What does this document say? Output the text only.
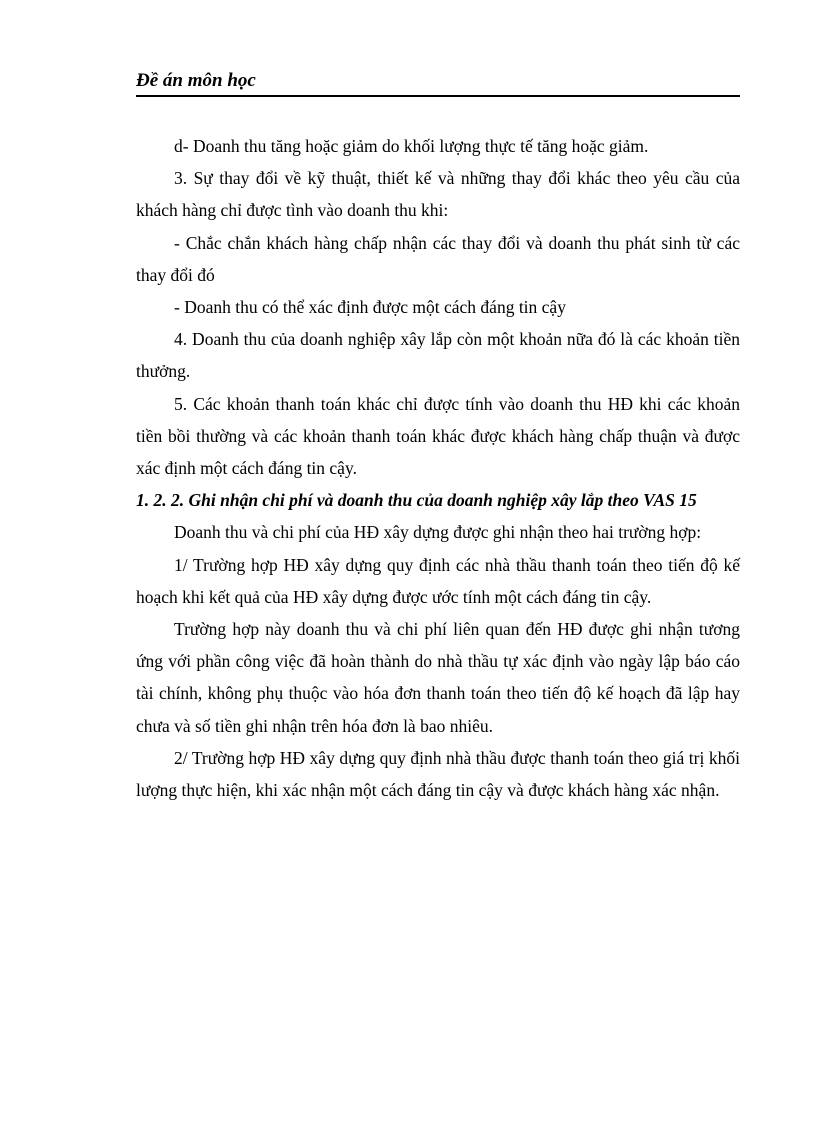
Đề án môn học

d- Doanh thu tăng hoặc giảm do khối lượng thực tế tăng hoặc giảm.

3. Sự thay đổi về kỹ thuật, thiết kế và những thay đổi khác theo yêu cầu của khách hàng chỉ được tình vào doanh thu khi:

- Chắc chắn khách hàng chấp nhận các thay đổi và doanh thu phát sinh từ các thay đổi đó

- Doanh thu có thể xác định được một cách đáng tin cậy

4. Doanh thu của doanh nghiệp xây lắp còn một khoản nữa đó là các khoản tiền thưởng.

5. Các khoản thanh toán khác chỉ được tính vào doanh thu HĐ khi các khoản tiền bồi thường và các khoản thanh toán khác được khách hàng chấp thuận và được xác định một cách đáng tin cậy.

1. 2. 2. Ghi nhận chi phí và doanh thu của doanh nghiệp xây lắp theo VAS 15

Doanh thu và chi phí của HĐ xây dựng được ghi nhận theo hai trường hợp:

1/ Trường hợp HĐ xây dựng quy định các nhà thầu thanh toán theo tiến độ kế hoạch khi kết quả của HĐ xây dựng được ước tính một cách đáng tin cậy.

Trường hợp này doanh thu và chi phí liên quan đến HĐ được ghi nhận tương ứng với phần công việc đã hoàn thành do nhà thầu tự xác định vào ngày lập báo cáo tài chính, không phụ thuộc vào hóa đơn thanh toán theo tiến độ kế hoạch đã lập hay chưa và số tiền ghi nhận trên hóa đơn là bao nhiêu.

2/ Trường hợp HĐ xây dựng quy định nhà thầu được thanh toán theo giá trị khối lượng thực hiện, khi xác nhận một cách đáng tin cậy và được khách hàng xác nhận.
